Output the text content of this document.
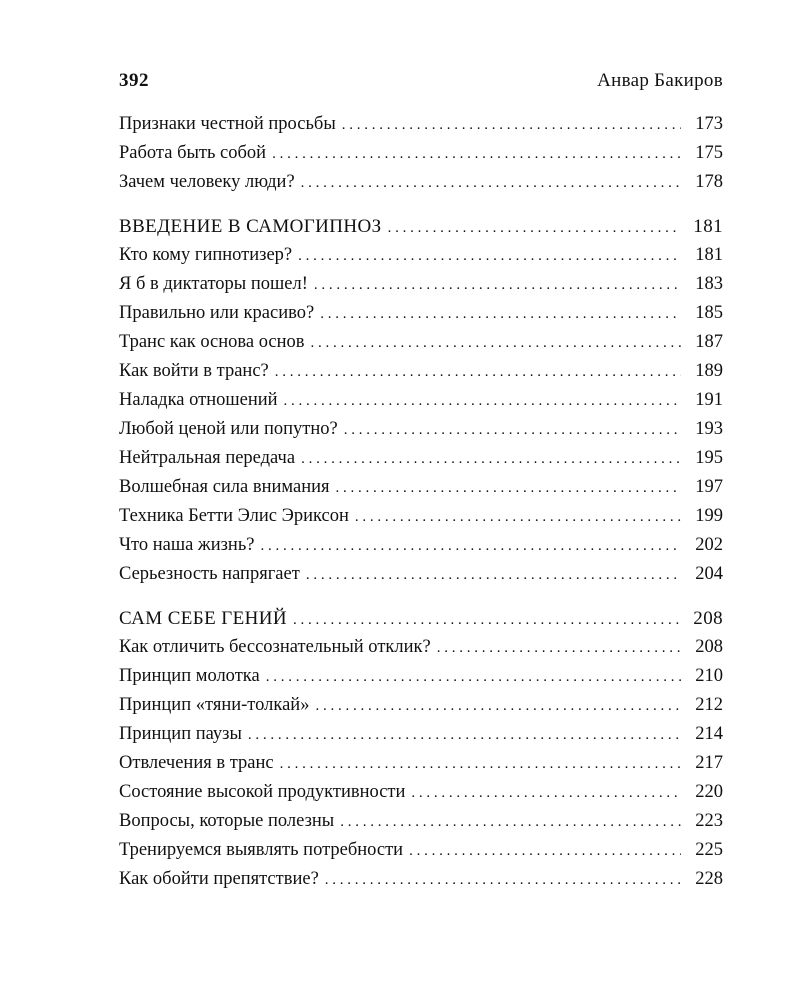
392	Анвар Бакиров
Признаки честной просьбы . . .	173
Работа быть собой . . .	175
Зачем человеку люди? . . .	178
ВВЕДЕНИЕ В САМОГИПНОЗ . . .	181
Кто кому гипнотизер? . . .	181
Я б в диктаторы пошел! . . .	183
Правильно или красиво? . . .	185
Транс как основа основ . . .	187
Как войти в транс? . . .	189
Наладка отношений . . .	191
Любой ценой или попутно? . . .	193
Нейтральная передача . . .	195
Волшебная сила внимания . . .	197
Техника Бетти Элис Эриксон . . .	199
Что наша жизнь? . . .	202
Серьезность напрягает . . .	204
САМ СЕБЕ ГЕНИЙ . . .	208
Как отличить бессознательный отклик? . . .	208
Принцип молотка . . .	210
Принцип «тяни-толкай» . . .	212
Принцип паузы . . .	214
Отвлечения в транс . . .	217
Состояние высокой продуктивности . . .	220
Вопросы, которые полезны . . .	223
Тренируемся выявлять потребности . . .	225
Как обойти препятствие? . . .	228
